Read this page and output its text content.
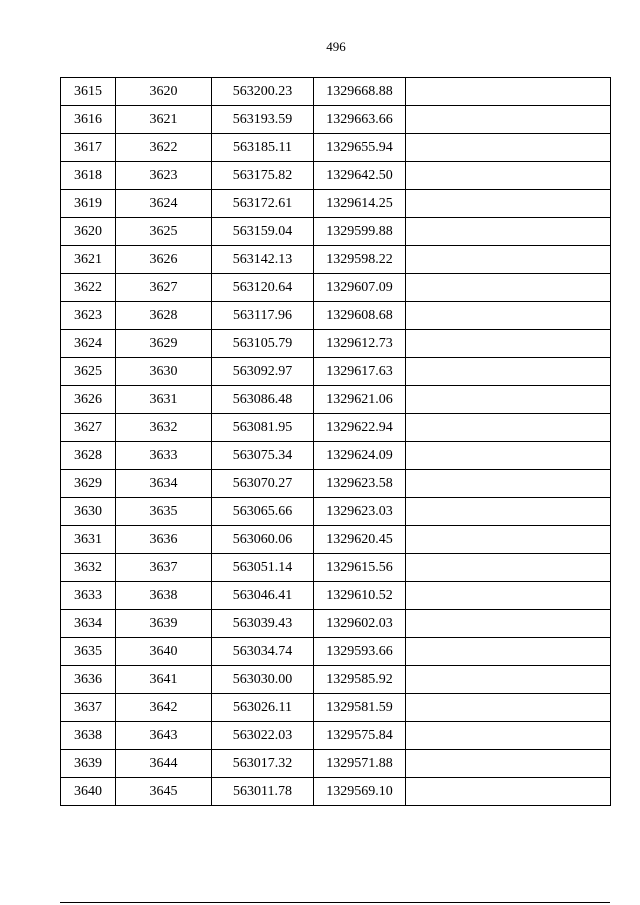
496
3615	3620	563200.23	1329668.88	
3616	3621	563193.59	1329663.66	
3617	3622	563185.11	1329655.94	
3618	3623	563175.82	1329642.50	
3619	3624	563172.61	1329614.25	
3620	3625	563159.04	1329599.88	
3621	3626	563142.13	1329598.22	
3622	3627	563120.64	1329607.09	
3623	3628	563117.96	1329608.68	
3624	3629	563105.79	1329612.73	
3625	3630	563092.97	1329617.63	
3626	3631	563086.48	1329621.06	
3627	3632	563081.95	1329622.94	
3628	3633	563075.34	1329624.09	
3629	3634	563070.27	1329623.58	
3630	3635	563065.66	1329623.03	
3631	3636	563060.06	1329620.45	
3632	3637	563051.14	1329615.56	
3633	3638	563046.41	1329610.52	
3634	3639	563039.43	1329602.03	
3635	3640	563034.74	1329593.66	
3636	3641	563030.00	1329585.92	
3637	3642	563026.11	1329581.59	
3638	3643	563022.03	1329575.84	
3639	3644	563017.32	1329571.88	
3640	3645	563011.78	1329569.10	
